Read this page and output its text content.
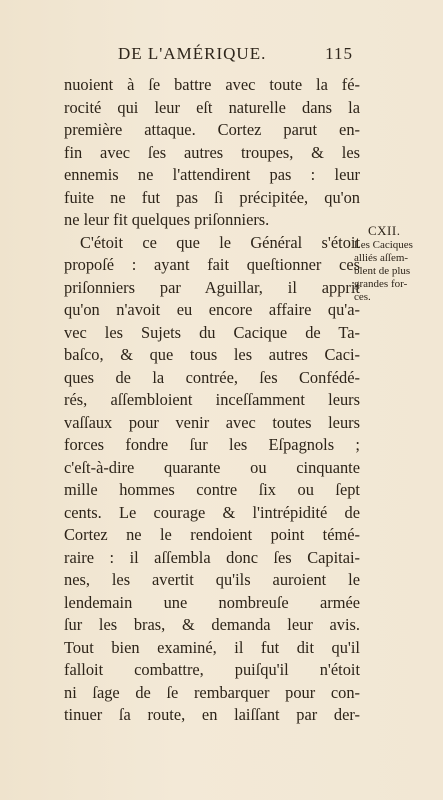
DE L'AMÉRIQUE.	115
nuoient à ſe battre avec toute la fé-
rocité qui leur eſt naturelle dans la
première attaque. Cortez parut en-
fin avec ſes autres troupes, & les
ennemis ne l'attendirent pas : leur
fuite ne fut pas ſi précipitée, qu'on
ne leur fit quelques priſonniers.
C'étoit ce que le Général s'étoit
propoſé : ayant fait queſtionner ces
priſonniers par Aguillar, il apprit
qu'on n'avoit eu encore affaire qu'a-
vec les Sujets du Cacique de Ta-
baſco, & que tous les autres Caci-
ques de la contrée, ſes Confédé-
rés, aſſembloient inceſſamment leurs
vaſſaux pour venir avec toutes leurs
forces fondre ſur les Eſpagnols ;
c'eſt-à-dire quarante ou cinquante
mille hommes contre ſix ou ſept
cents. Le courage & l'intrépidité de
Cortez ne le rendoient point témé-
raire : il aſſembla donc ſes Capitai-
nes, les avertit qu'ils auroient le
lendemain une nombreuſe armée
ſur les bras, & demanda leur avis.
Tout bien examiné, il fut dit qu'il
falloit combattre, puiſqu'il n'étoit
ni ſage de ſe rembarquer pour con-
tinuer ſa route, en laiſſant par der-
CXII.
Les Caciques
alliés aſſem-
blent de plus
grandes for-
ces.
